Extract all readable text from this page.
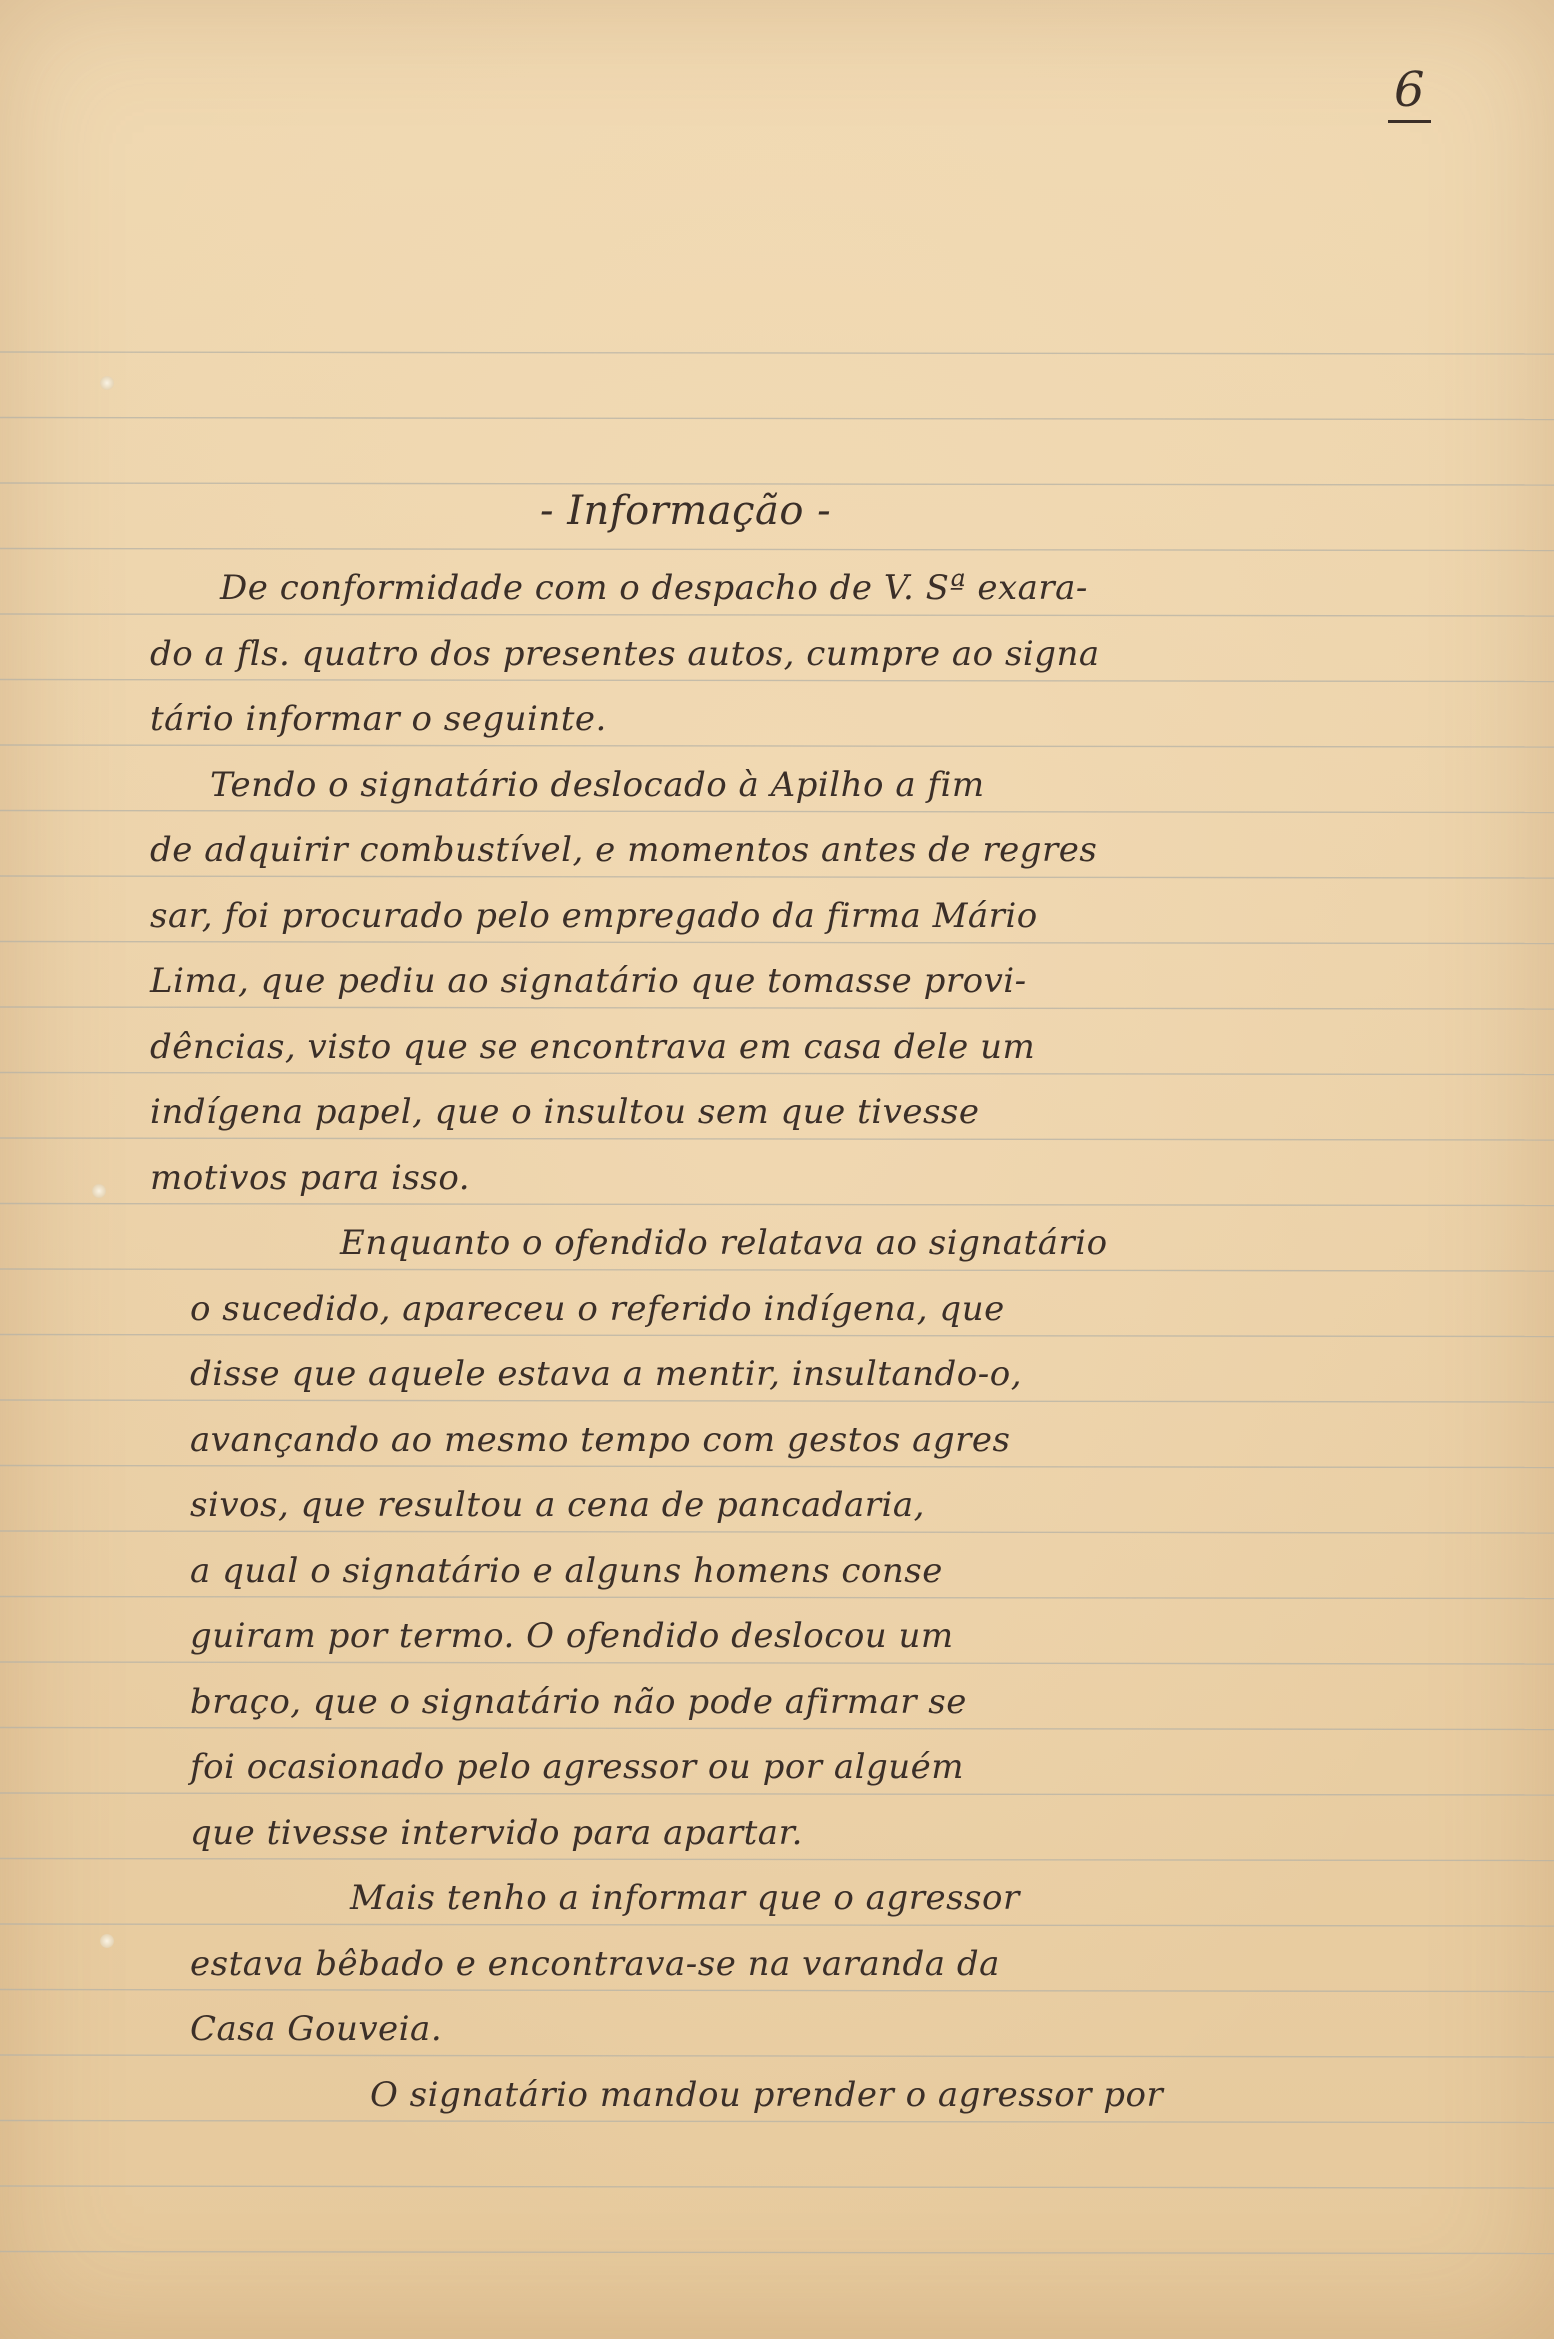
6
- Informação -
De conformidade com o despacho de V. Sª exara-
do a fls. quatro dos presentes autos, cumpre ao signa
tário informar o seguinte.
Tendo o signatário deslocado à Apilho a fim
de adquirir combustível, e momentos antes de regres
sar, foi procurado pelo empregado da firma Mário
Lima, que pediu ao signatário que tomasse provi-
dências, visto que se encontrava em casa dele um
indígena papel, que o insultou sem que tivesse
motivos para isso.
Enquanto o ofendido relatava ao signatário
o sucedido, apareceu o referido indígena, que
disse que aquele estava a mentir, insultando-o,
avançando ao mesmo tempo com gestos agres
sivos, que resultou a cena de pancadaria,
a qual o signatário e alguns homens conse
guiram por termo. O ofendido deslocou um
braço, que o signatário não pode afirmar se
foi ocasionado pelo agressor ou por alguém
que tivesse intervido para apartar.
Mais tenho a informar que o agressor
estava bêbado e encontrava-se na varanda da
Casa Gouveia.
O signatário mandou prender o agressor por
